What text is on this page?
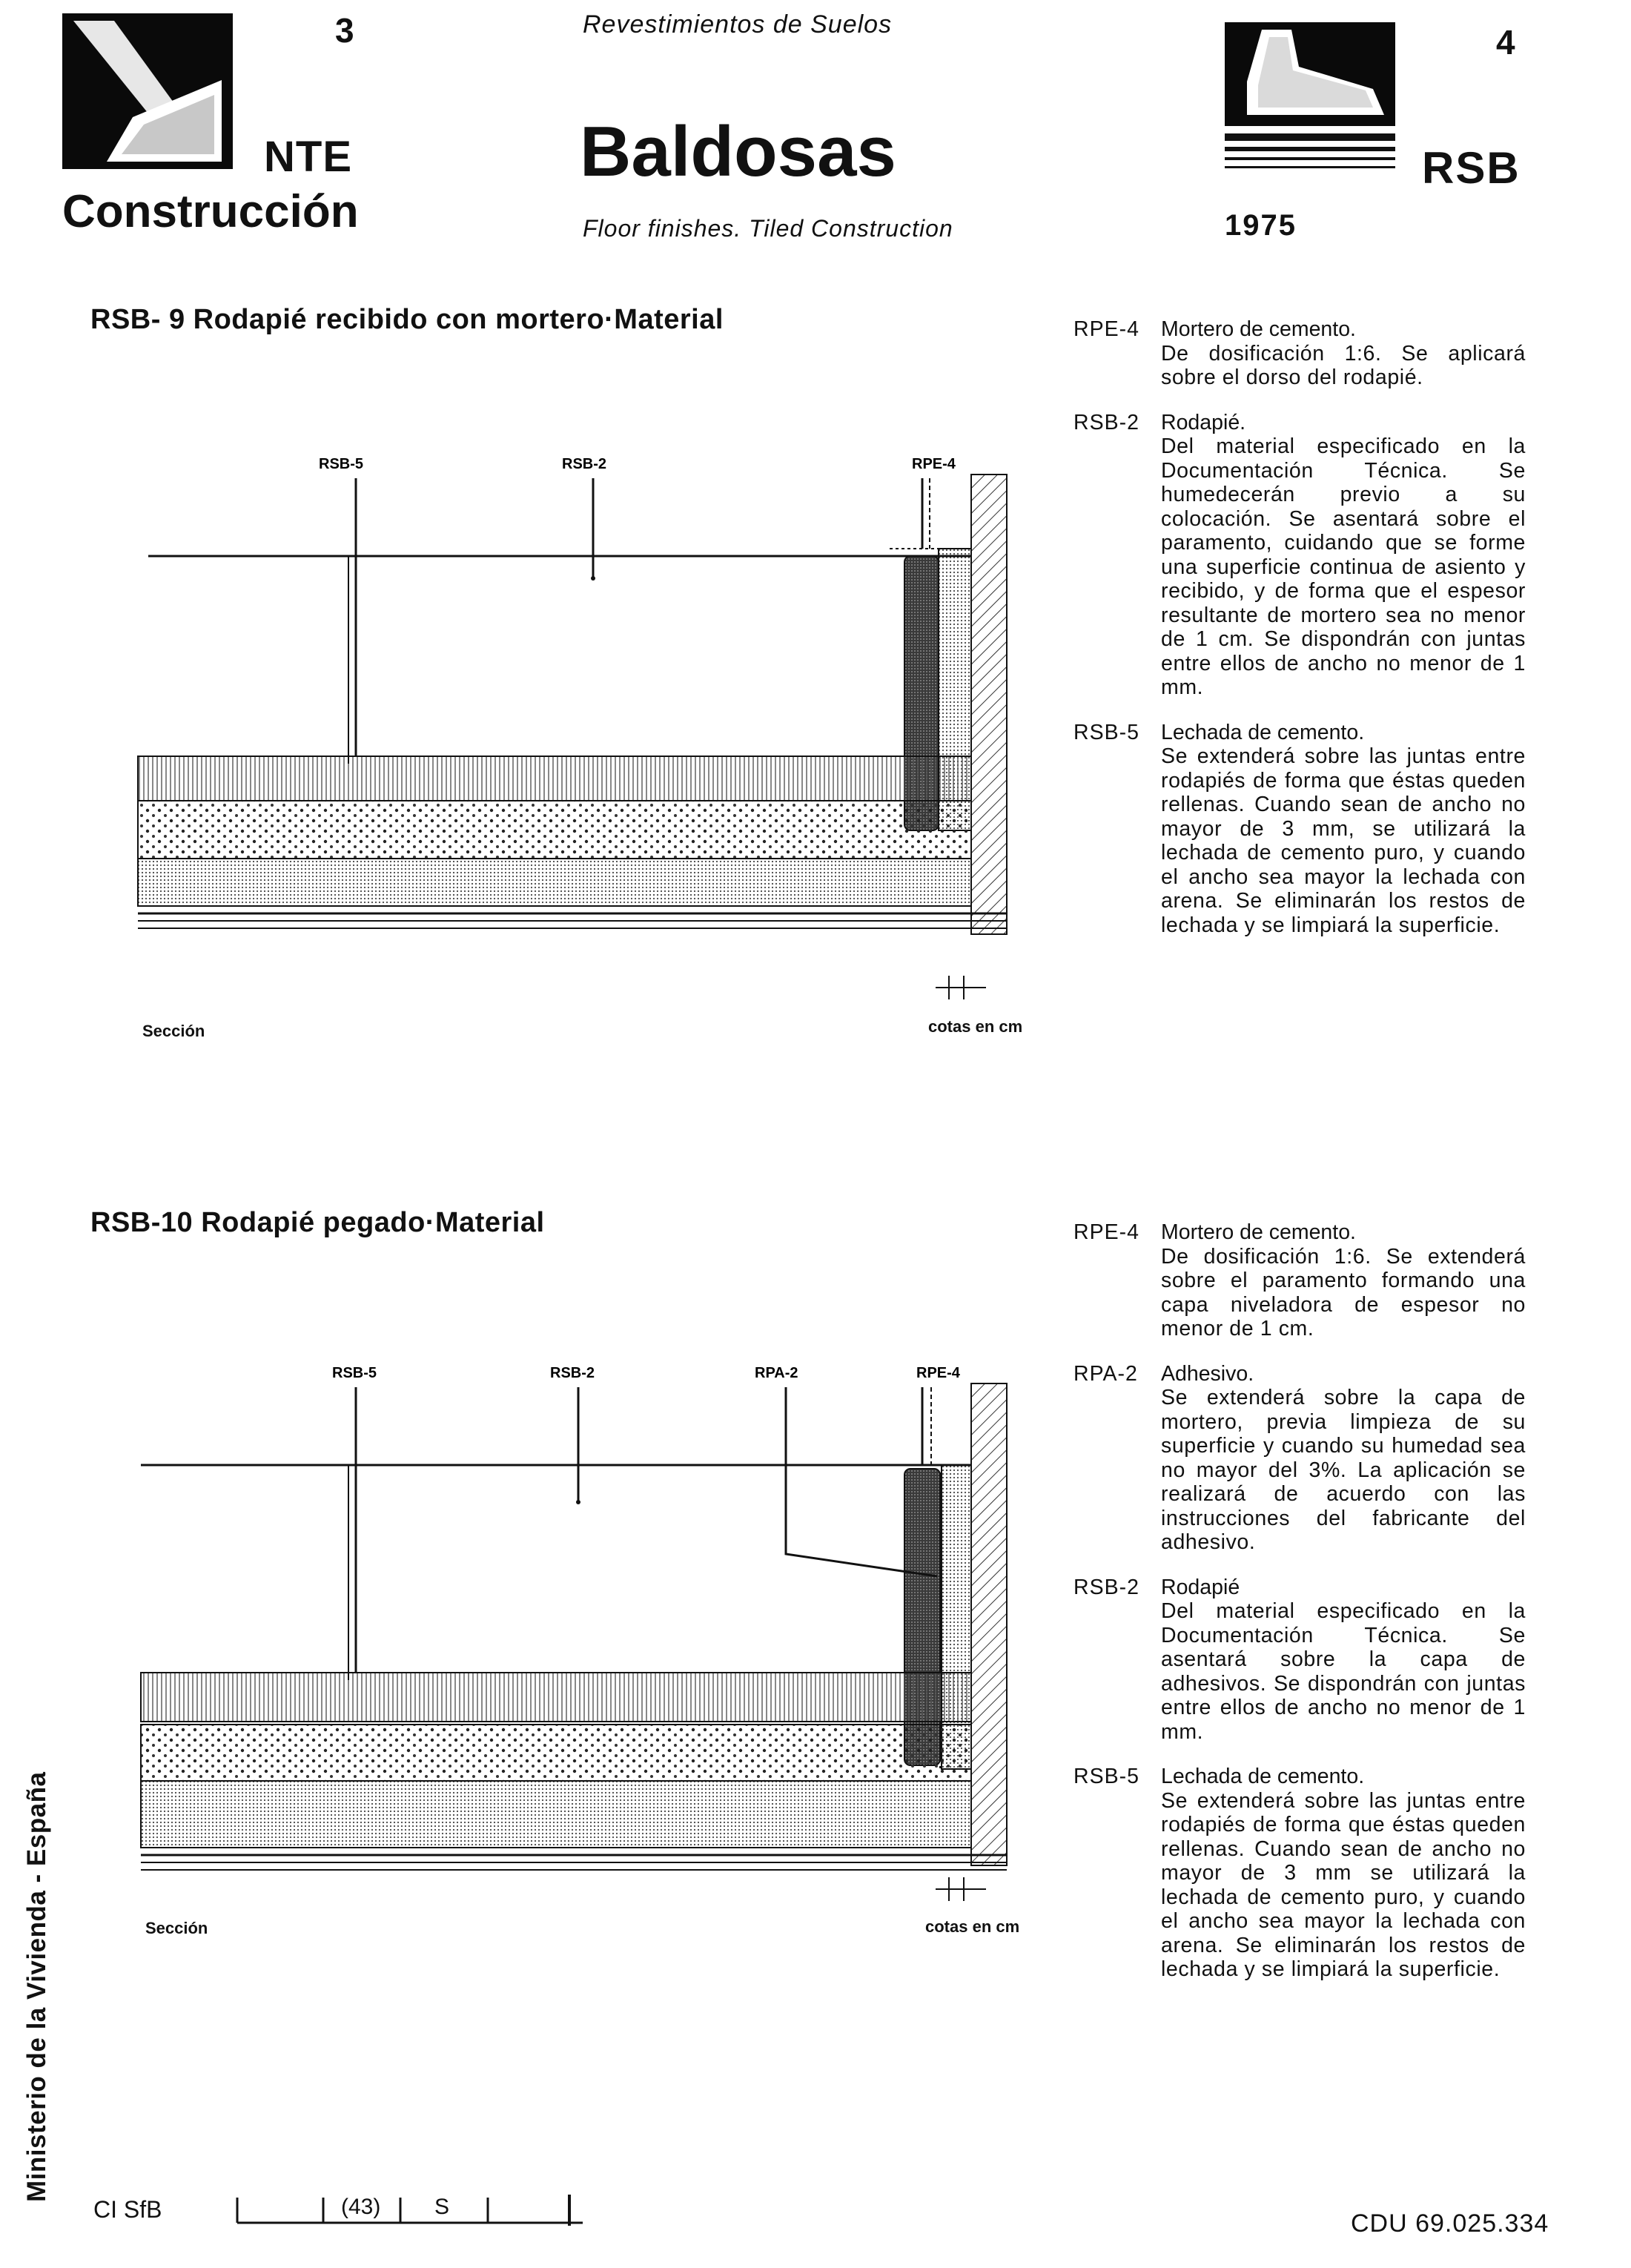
3
NTE
Construcción
Revestimientos de Suelos
Baldosas
Floor finishes. Tiled Construction
4
RSB
1975
RSB- 9 Rodapié recibido con mortero·Material
RSB-5	RSB-2	RPE-4
Sección	cotas en cm
RPE-4 Mortero de cemento.
De dosificación 1:6. Se aplicará sobre el dorso del rodapié.
RSB-2 Rodapié.
Del material especificado en la Documentación Técnica. Se humedecerán previo a su colocación. Se asentará sobre el paramento, cuidando que se forme una superficie continua de asiento y recibido, y de forma que el espesor resultante de mortero sea no menor de 1 cm. Se dispondrán con juntas entre ellos de ancho no menor de 1 mm.
RSB-5 Lechada de cemento.
Se extenderá sobre las juntas entre rodapiés de forma que éstas queden rellenas. Cuando sean de ancho no mayor de 3 mm, se utilizará la lechada de cemento puro, y cuando el ancho sea mayor la lechada con arena. Se eliminarán los restos de lechada y se limpiará la superficie.
RSB-10 Rodapié pegado·Material
RSB-5	RSB-2	RPA-2	RPE-4
Sección	cotas en cm
RPE-4 Mortero de cemento.
De dosificación 1:6. Se extenderá sobre el paramento formando una capa niveladora de espesor no menor de 1 cm.
RPA-2 Adhesivo.
Se extenderá sobre la capa de mortero, previa limpieza de su superficie y cuando su humedad sea no mayor del 3%. La aplicación se realizará de acuerdo con las instrucciones del fabricante del adhesivo.
RSB-2 Rodapié
Del material especificado en la Documentación Técnica. Se asentará sobre la capa de adhesivos. Se dispondrán con juntas entre ellos de ancho no menor de 1 mm.
RSB-5 Lechada de cemento.
Se extenderá sobre las juntas entre rodapiés de forma que éstas queden rellenas. Cuando sean de ancho no mayor de 3 mm se utilizará la lechada de cemento puro, y cuando el ancho sea mayor la lechada con arena. Se eliminarán los restos de lechada y se limpiará la superficie.
Ministerio de la Vivienda - España
CI SfB	(43) S
CDU 69.025.334
